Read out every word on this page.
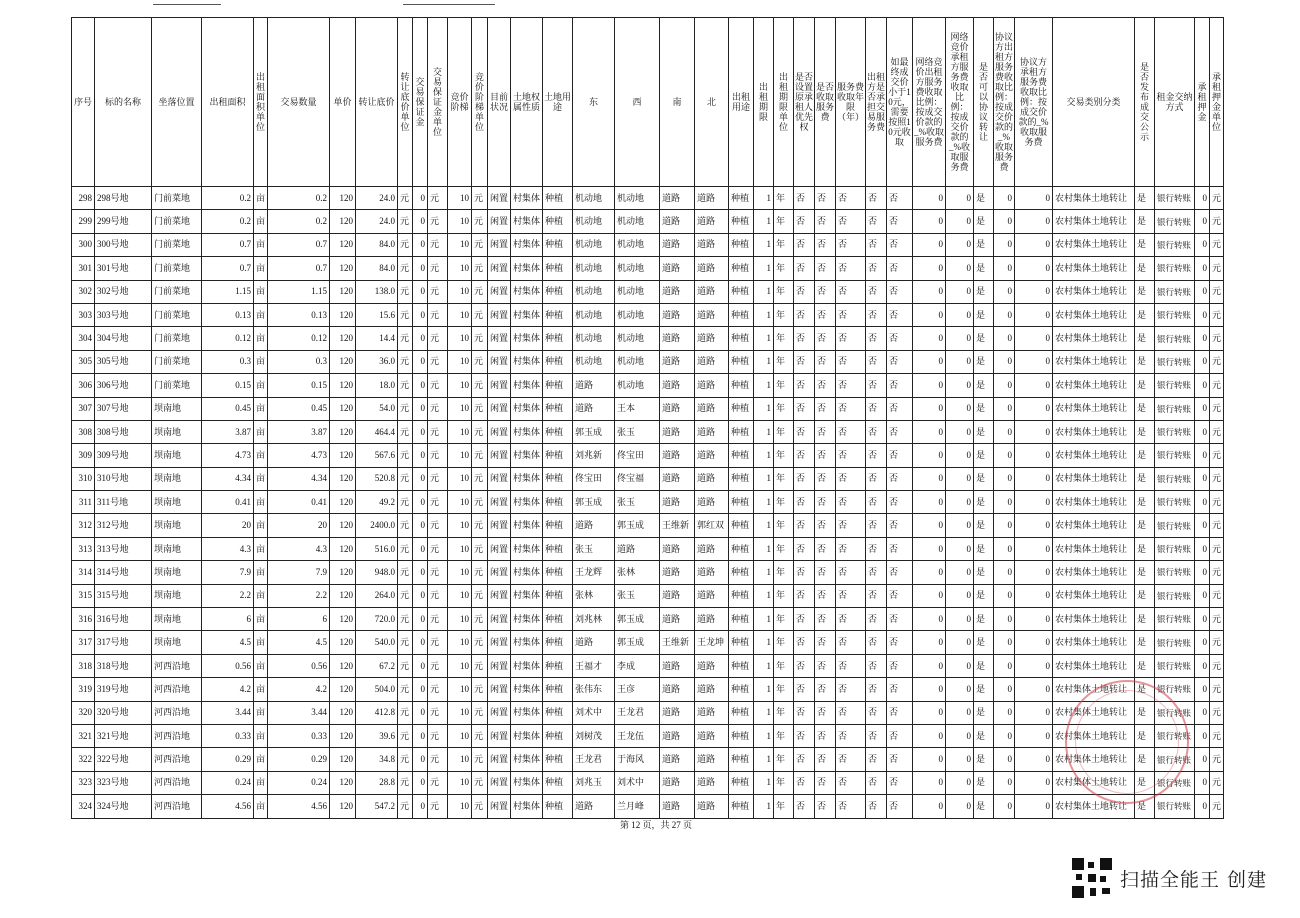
序号	标的名称	坐落位置	出租面积	出租面积单位	交易数量	单价	转让底价	转让底价单位	交易保证金	交易保证金单位	竞价阶梯	竞价阶梯单位	目前状况	土地权属性质	土地用途	东	西	南	北	出租用途	出租期限	出租期限单位	是否设置原承租人优先权	是否收取服务费	服务费收取年限（年）	出租方是否承担交易服务费	如最终成交价小于10元，需要按照10元收取	网络竞价出租方服务费收取比例：按成交价款的_%收取服务费	网络竞价承租方服务费收取比例：按成交价款的_%收取服务费	是否可以协议转让	协议方出租方服务费收取比例：按成交价款的_%收取服务费	协议方承租方服务费收取比例：按成交价款的_%收取服务费	交易类别分类	是否发布成交公示	租金交纳方式	承租押金	承租押金单位
298	298号地	门前菜地	0.2	亩	0.2	120	24.0	元	0	元	10	元	闲置	村集体	种植	机动地	机动地	道路	道路	种植	1	年	否	否	否	否	否	0	0	是	0	0	农村集体土地转让	是	银行转账	0	元
299	299号地	门前菜地	0.2	亩	0.2	120	24.0	元	0	元	10	元	闲置	村集体	种植	机动地	机动地	道路	道路	种植	1	年	否	否	否	否	否	0	0	是	0	0	农村集体土地转让	是	银行转账	0	元
300	300号地	门前菜地	0.7	亩	0.7	120	84.0	元	0	元	10	元	闲置	村集体	种植	机动地	机动地	道路	道路	种植	1	年	否	否	否	否	否	0	0	是	0	0	农村集体土地转让	是	银行转账	0	元
301	301号地	门前菜地	0.7	亩	0.7	120	84.0	元	0	元	10	元	闲置	村集体	种植	机动地	机动地	道路	道路	种植	1	年	否	否	否	否	否	0	0	是	0	0	农村集体土地转让	是	银行转账	0	元
302	302号地	门前菜地	1.15	亩	1.15	120	138.0	元	0	元	10	元	闲置	村集体	种植	机动地	机动地	道路	道路	种植	1	年	否	否	否	否	否	0	0	是	0	0	农村集体土地转让	是	银行转账	0	元
303	303号地	门前菜地	0.13	亩	0.13	120	15.6	元	0	元	10	元	闲置	村集体	种植	机动地	机动地	道路	道路	种植	1	年	否	否	否	否	否	0	0	是	0	0	农村集体土地转让	是	银行转账	0	元
304	304号地	门前菜地	0.12	亩	0.12	120	14.4	元	0	元	10	元	闲置	村集体	种植	机动地	机动地	道路	道路	种植	1	年	否	否	否	否	否	0	0	是	0	0	农村集体土地转让	是	银行转账	0	元
305	305号地	门前菜地	0.3	亩	0.3	120	36.0	元	0	元	10	元	闲置	村集体	种植	机动地	机动地	道路	道路	种植	1	年	否	否	否	否	否	0	0	是	0	0	农村集体土地转让	是	银行转账	0	元
306	306号地	门前菜地	0.15	亩	0.15	120	18.0	元	0	元	10	元	闲置	村集体	种植	道路	机动地	道路	道路	种植	1	年	否	否	否	否	否	0	0	是	0	0	农村集体土地转让	是	银行转账	0	元
307	307号地	坝南地	0.45	亩	0.45	120	54.0	元	0	元	10	元	闲置	村集体	种植	道路	王本	道路	道路	种植	1	年	否	否	否	否	否	0	0	是	0	0	农村集体土地转让	是	银行转账	0	元
308	308号地	坝南地	3.87	亩	3.87	120	464.4	元	0	元	10	元	闲置	村集体	种植	郭玉成	张玉	道路	道路	种植	1	年	否	否	否	否	否	0	0	是	0	0	农村集体土地转让	是	银行转账	0	元
309	309号地	坝南地	4.73	亩	4.73	120	567.6	元	0	元	10	元	闲置	村集体	种植	刘兆新	佟宝田	道路	道路	种植	1	年	否	否	否	否	否	0	0	是	0	0	农村集体土地转让	是	银行转账	0	元
310	310号地	坝南地	4.34	亩	4.34	120	520.8	元	0	元	10	元	闲置	村集体	种植	佟宝田	佟宝福	道路	道路	种植	1	年	否	否	否	否	否	0	0	是	0	0	农村集体土地转让	是	银行转账	0	元
311	311号地	坝南地	0.41	亩	0.41	120	49.2	元	0	元	10	元	闲置	村集体	种植	郭玉成	张玉	道路	道路	种植	1	年	否	否	否	否	否	0	0	是	0	0	农村集体土地转让	是	银行转账	0	元
312	312号地	坝南地	20	亩	20	120	2400.0	元	0	元	10	元	闲置	村集体	种植	道路	郭玉成	王维新	郭红双	种植	1	年	否	否	否	否	否	0	0	是	0	0	农村集体土地转让	是	银行转账	0	元
313	313号地	坝南地	4.3	亩	4.3	120	516.0	元	0	元	10	元	闲置	村集体	种植	张玉	道路	道路	道路	种植	1	年	否	否	否	否	否	0	0	是	0	0	农村集体土地转让	是	银行转账	0	元
314	314号地	坝南地	7.9	亩	7.9	120	948.0	元	0	元	10	元	闲置	村集体	种植	王龙辉	张林	道路	道路	种植	1	年	否	否	否	否	否	0	0	是	0	0	农村集体土地转让	是	银行转账	0	元
315	315号地	坝南地	2.2	亩	2.2	120	264.0	元	0	元	10	元	闲置	村集体	种植	张林	张玉	道路	道路	种植	1	年	否	否	否	否	否	0	0	是	0	0	农村集体土地转让	是	银行转账	0	元
316	316号地	坝南地	6	亩	6	120	720.0	元	0	元	10	元	闲置	村集体	种植	刘兆林	郭玉成	道路	道路	种植	1	年	否	否	否	否	否	0	0	是	0	0	农村集体土地转让	是	银行转账	0	元
317	317号地	坝南地	4.5	亩	4.5	120	540.0	元	0	元	10	元	闲置	村集体	种植	道路	郭玉成	王维新	王龙坤	种植	1	年	否	否	否	否	否	0	0	是	0	0	农村集体土地转让	是	银行转账	0	元
318	318号地	河西沿地	0.56	亩	0.56	120	67.2	元	0	元	10	元	闲置	村集体	种植	王福才	李成	道路	道路	种植	1	年	否	否	否	否	否	0	0	是	0	0	农村集体土地转让	是	银行转账	0	元
319	319号地	河西沿地	4.2	亩	4.2	120	504.0	元	0	元	10	元	闲置	村集体	种植	张伟东	王彦	道路	道路	种植	1	年	否	否	否	否	否	0	0	是	0	0	农村集体土地转让	是	银行转账	0	元
320	320号地	河西沿地	3.44	亩	3.44	120	412.8	元	0	元	10	元	闲置	村集体	种植	刘术中	王龙君	道路	道路	种植	1	年	否	否	否	否	否	0	0	是	0	0	农村集体土地转让	是	银行转账	0	元
321	321号地	河西沿地	0.33	亩	0.33	120	39.6	元	0	元	10	元	闲置	村集体	种植	刘树茂	王龙伍	道路	道路	种植	1	年	否	否	否	否	否	0	0	是	0	0	农村集体土地转让	是	银行转账	0	元
322	322号地	河西沿地	0.29	亩	0.29	120	34.8	元	0	元	10	元	闲置	村集体	种植	王龙君	于海风	道路	道路	种植	1	年	否	否	否	否	否	0	0	是	0	0	农村集体土地转让	是	银行转账	0	元
323	323号地	河西沿地	0.24	亩	0.24	120	28.8	元	0	元	10	元	闲置	村集体	种植	刘兆玉	刘术中	道路	道路	种植	1	年	否	否	否	否	否	0	0	是	0	0	农村集体土地转让	是	银行转账	0	元
324	324号地	河西沿地	4.56	亩	4.56	120	547.2	元	0	元	10	元	闲置	村集体	种植	道路	兰月峰	道路	道路	种植	1	年	否	否	否	否	否	0	0	是	0	0	农村集体土地转让	是	银行转账	0	元
第 12 页，共 27 页
扫描全能王 创建
